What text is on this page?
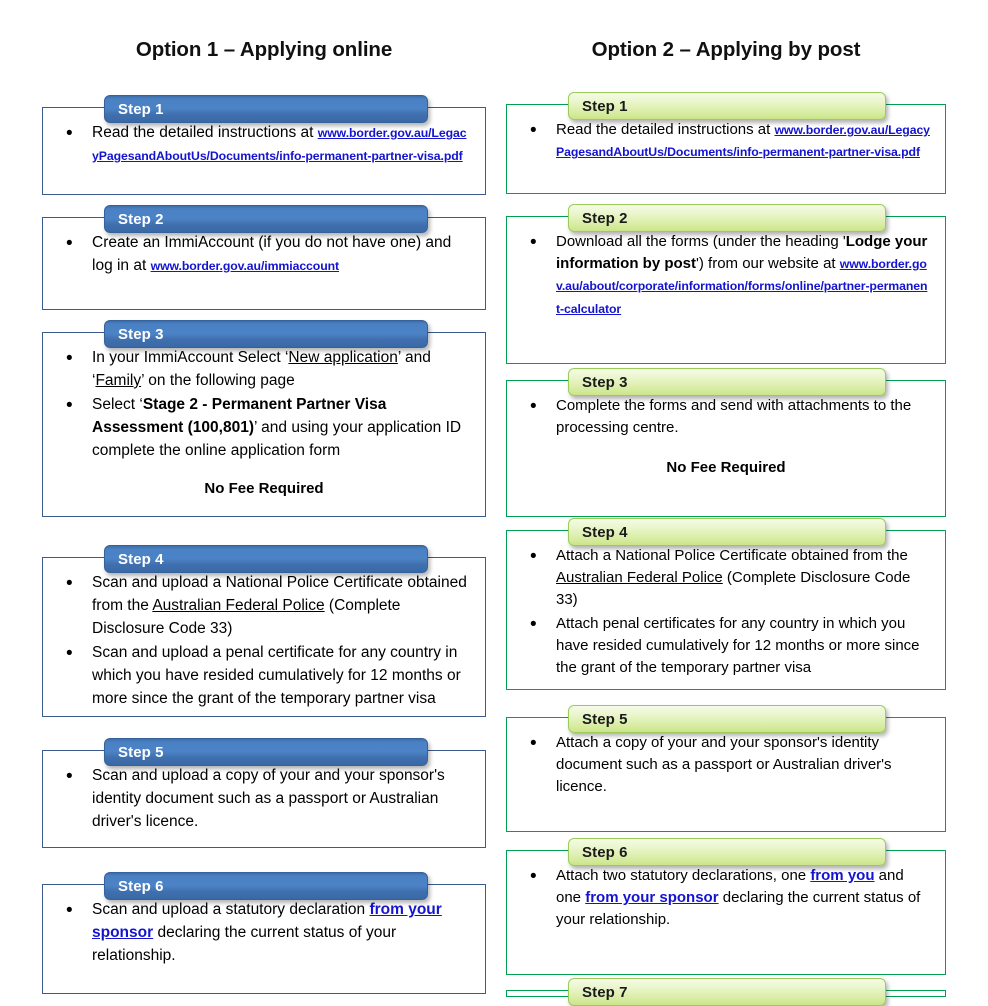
Option 1 – Applying online	Option 2 – Applying by post
• Read the detailed instructions at www.border.gov.au/LegacyPagesandAboutUs/Documents/info-permanent-partner-visa.pdf
Step 1
• Create an ImmiAccount (if you do not have one) and log in at www.border.gov.au/immiaccount
Step 2
• In your ImmiAccount Select ‘New application’ and ‘Family’ on the following page
• Select ‘Stage 2 - Permanent Partner Visa Assessment (100,801)’ and using your application ID complete the online application form
No Fee Required
Step 3
• Scan and upload a National Police Certificate obtained from the Australian Federal Police (Complete Disclosure Code 33)
• Scan and upload a penal certificate for any country in which you have resided cumulatively for 12 months or more since the grant of the temporary partner visa
Step 4
• Scan and upload a copy of your and your sponsor's identity document such as a passport or Australian driver's licence.
Step 5
• Scan and upload a statutory declaration from your sponsor declaring the current status of your relationship.
Step 6
• Read the detailed instructions at www.border.gov.au/LegacyPagesandAboutUs/Documents/info-permanent-partner-visa.pdf
Step 1
• Download all the forms (under the heading 'Lodge your information by post') from our website at www.border.gov.au/about/corporate/information/forms/online/partner-permanent-calculator
Step 2
• Complete the forms and send with attachments to the processing centre.
No Fee Required
Step 3
• Attach a National Police Certificate obtained from the Australian Federal Police (Complete Disclosure Code 33)
• Attach penal certificates for any country in which you have resided cumulatively for 12 months or more since the grant of the temporary partner visa
Step 4
• Attach a copy of your and your sponsor's identity document such as a passport or Australian driver's licence.
Step 5
• Attach two statutory declarations, one from you and one from your sponsor declaring the current status of your relationship.
Step 6
Step 7
